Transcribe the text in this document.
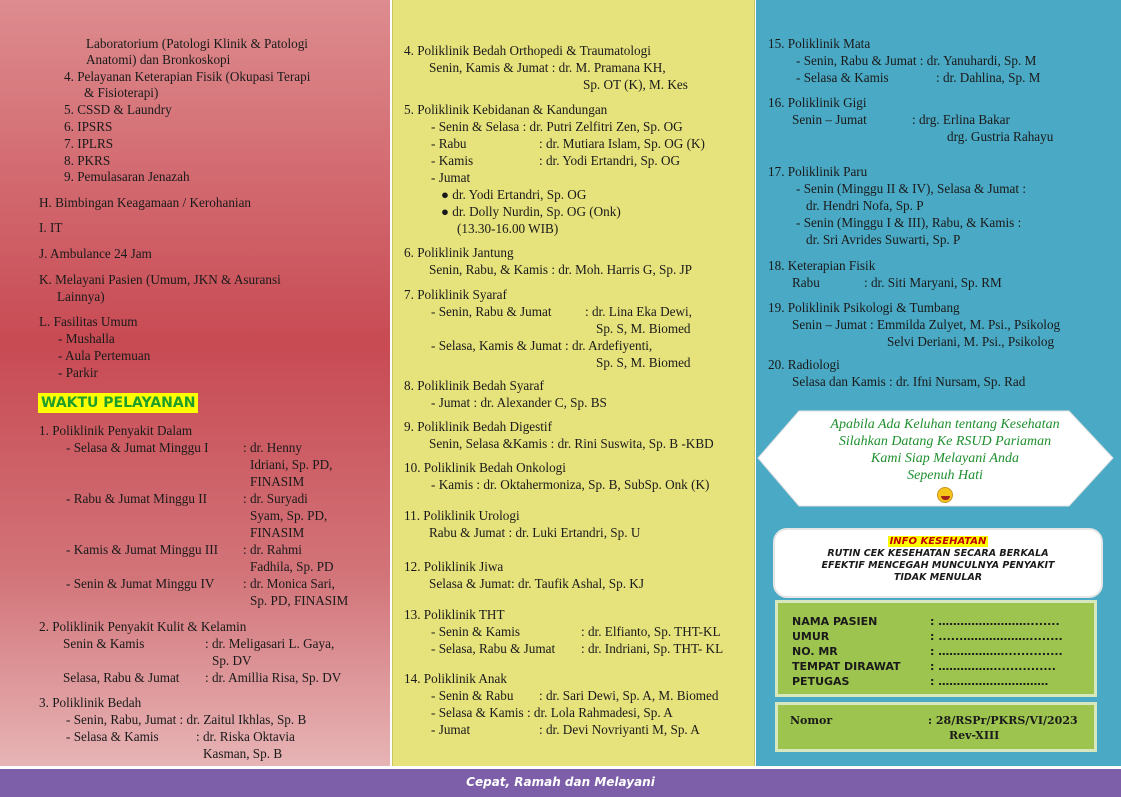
Laboratorium (Patologi Klinik & Patologi
Anatomi) dan Bronkoskopi
4. Pelayanan Keterapian Fisik (Okupasi Terapi
& Fisioterapi)
5. CSSD & Laundry
6. IPSRS
7. IPLRS
8. PKRS
9. Pemulasaran Jenazah
H. Bimbingan Keagamaan / Kerohanian
I. IT
J. Ambulance 24 Jam
K. Melayani Pasien (Umum, JKN & Asuransi
Lainnya)
L. Fasilitas Umum
- Mushalla
- Aula Pertemuan
- Parkir
WAKTU PELAYANAN
1. Poliklinik Penyakit Dalam
- Selasa & Jumat Minggu I	: dr. Henny
Idriani, Sp. PD,
FINASIM
- Rabu & Jumat Minggu II	: dr. Suryadi
Syam, Sp. PD,
FINASIM
- Kamis & Jumat Minggu III : dr. Rahmi
Fadhila, Sp. PD
- Senin & Jumat Minggu IV : dr. Monica Sari,
Sp. PD, FINASIM
2. Poliklinik Penyakit Kulit & Kelamin
Senin & Kamis	: dr. Meligasari L. Gaya,
Sp. DV
Selasa, Rabu & Jumat : dr. Amillia Risa, Sp. DV
3. Poliklinik Bedah
- Senin, Rabu, Jumat : dr. Zaitul Ikhlas, Sp. B
- Selasa & Kamis	: dr. Riska Oktavia
Kasman, Sp. B
4. Poliklinik Bedah Orthopedi & Traumatologi
Senin, Kamis & Jumat : dr. M. Pramana KH,
Sp. OT (K), M. Kes
5. Poliklinik Kebidanan & Kandungan
- Senin & Selasa : dr. Putri Zelfitri Zen, Sp. OG
- Rabu	: dr. Mutiara Islam, Sp. OG (K)
- Kamis	: dr. Yodi Ertandri, Sp. OG
- Jumat
● dr. Yodi Ertandri, Sp. OG
● dr. Dolly Nurdin, Sp. OG (Onk)
(13.30-16.00 WIB)
6. Poliklinik Jantung
Senin, Rabu, & Kamis : dr. Moh. Harris G, Sp. JP
7. Poliklinik Syaraf
- Senin, Rabu & Jumat	: dr. Lina Eka Dewi,
Sp. S, M. Biomed
- Selasa, Kamis & Jumat : dr. Ardefiyenti,
Sp. S, M. Biomed
8. Poliklinik Bedah Syaraf
- Jumat : dr. Alexander C, Sp. BS
9. Poliklinik Bedah Digestif
Senin, Selasa &Kamis : dr. Rini Suswita, Sp. B -KBD
10. Poliklinik Bedah Onkologi
- Kamis : dr. Oktahermoniza, Sp. B, SubSp. Onk (K)
11. Poliklinik Urologi
Rabu & Jumat : dr. Luki Ertandri, Sp. U
12. Poliklinik Jiwa
Selasa & Jumat: dr. Taufik Ashal, Sp. KJ
13. Poliklinik THT
- Senin & Kamis	: dr. Elfianto, Sp. THT-KL
- Selasa, Rabu & Jumat : dr. Indriani, Sp. THT- KL
14. Poliklinik Anak
- Senin & Rabu : dr. Sari Dewi, Sp. A, M. Biomed
- Selasa & Kamis : dr. Lola Rahmadesi, Sp. A
- Jumat	: dr. Devi Novriyanti M, Sp. A
15. Poliklinik Mata
- Senin, Rabu & Jumat : dr. Yanuhardi, Sp. M
- Selasa & Kamis	: dr. Dahlina, Sp. M
16. Poliklinik Gigi
Senin – Jumat	: drg. Erlina Bakar
drg. Gustria Rahayu
17. Poliklinik Paru
- Senin (Minggu II & IV), Selasa & Jumat :
dr. Hendri Nofa, Sp. P
- Senin (Minggu I & III), Rabu, & Kamis :
dr. Sri Avrides Suwarti, Sp. P
18. Keterapian Fisik
Rabu	: dr. Siti Maryani, Sp. RM
19. Poliklinik Psikologi & Tumbang
Senin – Jumat : Emmilda Zulyet, M. Psi., Psikolog
Selvi Deriani, M. Psi., Psikolog
20. Radiologi
Selasa dan Kamis : dr. Ifni Nursam, Sp. Rad
Apabila Ada Keluhan tentang Kesehatan
Silahkan Datang Ke RSUD Pariaman
Kami Siap Melayani Anda
Sepenuh Hati
INFO KESEHATAN
RUTIN CEK KESEHATAN SECARA BERKALA
EFEKTIF MENCEGAH MUNCULNYA PENYAKIT
TIDAK MENULAR
NAMA PASIEN	: ……………………........
UMUR	: ......………………........
NO. MR	: ………………..............
TEMPAT DIRAWAT	: ……………...............
PETUGAS	: …………………………
Nomor	: 28/RSPr/PKRS/VI/2023
Rev-XIII
Cepat, Ramah dan Melayani
